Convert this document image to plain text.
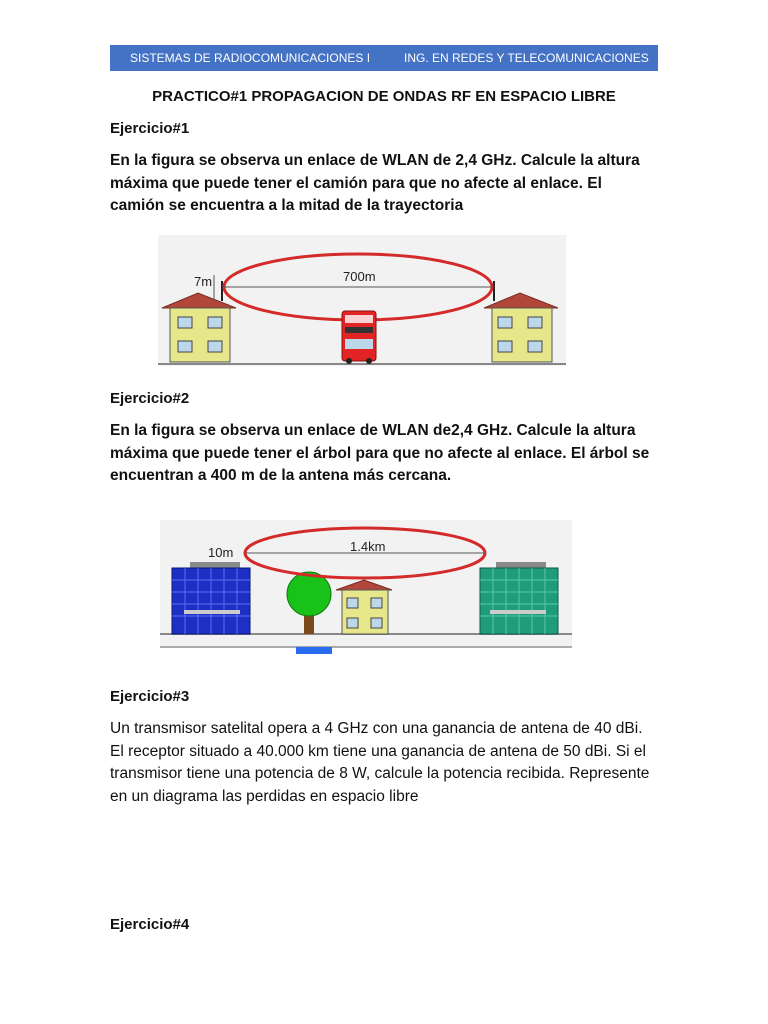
SISTEMAS DE RADIOCOMUNICACIONES I	ING. EN REDES Y TELECOMUNICACIONES
PRACTICO#1 PROPAGACION DE ONDAS RF EN ESPACIO LIBRE
Ejercicio#1
En la figura se observa un enlace de WLAN de 2,4 GHz. Calcule la altura máxima que puede tener el camión para que no afecte al enlace. El camión se encuentra a la mitad de la trayectoria
7m	700m
Ejercicio#2
En la figura se observa un enlace de WLAN de2,4 GHz. Calcule la altura máxima que puede tener el árbol para que no afecte al enlace. El árbol se encuentran a 400 m de la antena más cercana.
10m	1.4km
Ejercicio#3
Un transmisor satelital opera a 4 GHz con una ganancia de antena de 40 dBi. El receptor situado a 40.000 km tiene una ganancia de antena de 50 dBi. Si el transmisor tiene una potencia de 8 W, calcule la potencia recibida. Represente en un diagrama las perdidas en espacio libre
Ejercicio#4
